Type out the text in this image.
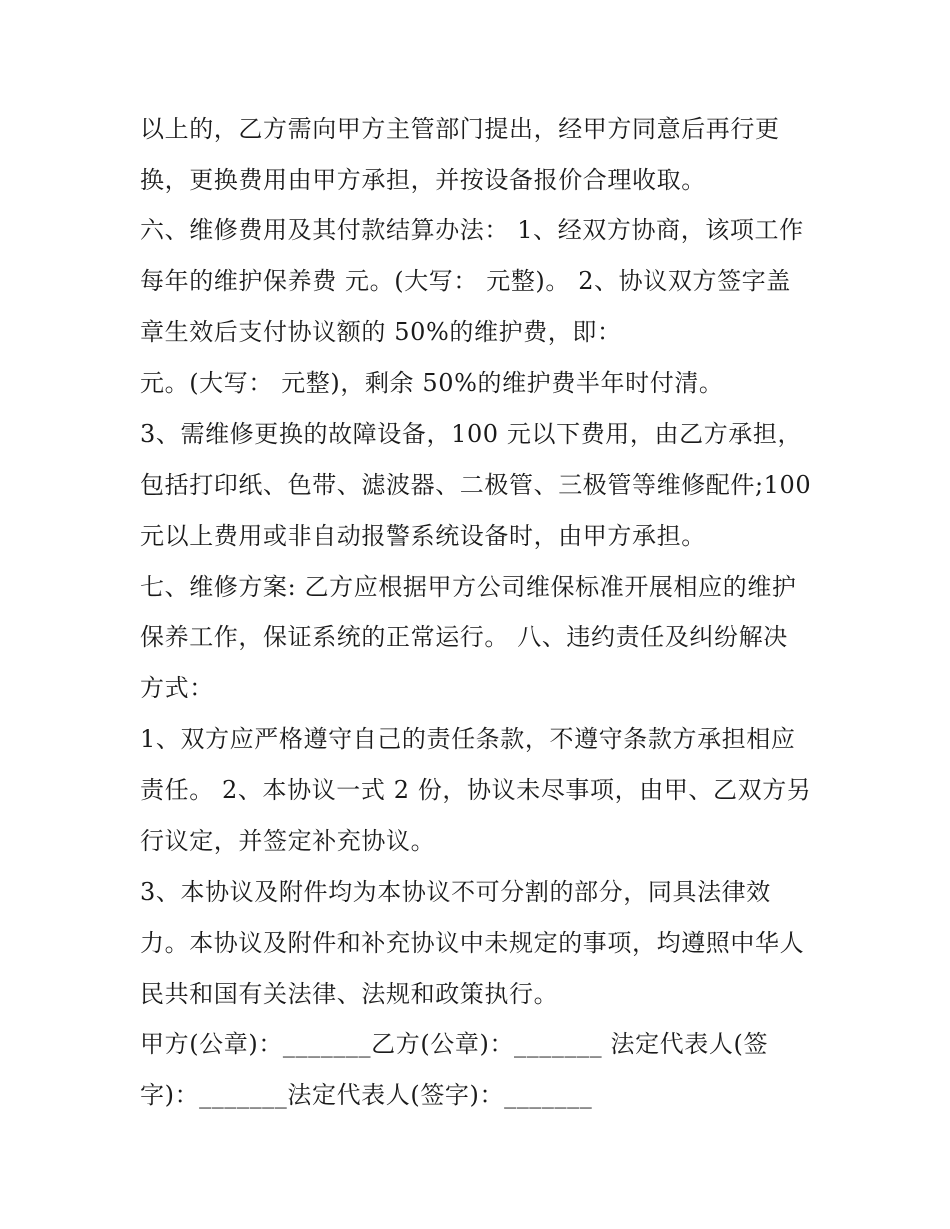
以上的，乙方需向甲方主管部门提出，经甲方同意后再行更
换，更换费用由甲方承担，并按设备报价合理收取。
六、维修费用及其付款结算办法： 1、经双方协商，该项工作
每年的维护保养费 元。(大写： 元整)。 2、协议双方签字盖
章生效后支付协议额的 50%的维护费，即：
元。(大写： 元整)，剩余 50%的维护费半年时付清。
3、需维修更换的故障设备，100 元以下费用，由乙方承担，
包括打印纸、色带、滤波器、二极管、三极管等维修配件;100
元以上费用或非自动报警系统设备时，由甲方承担。
七、维修方案: 乙方应根据甲方公司维保标准开展相应的维护
保养工作，保证系统的正常运行。 八、违约责任及纠纷解决
方式：
1、双方应严格遵守自己的责任条款，不遵守条款方承担相应
责任。 2、本协议一式 2 份，协议未尽事项，由甲、乙双方另
行议定，并签定补充协议。
3、本协议及附件均为本协议不可分割的部分，同具法律效
力。本协议及附件和补充协议中未规定的事项，均遵照中华人
民共和国有关法律、法规和政策执行。
甲方(公章)：_______乙方(公章)：_______ 法定代表人(签
字)：_______法定代表人(签字)：_______
